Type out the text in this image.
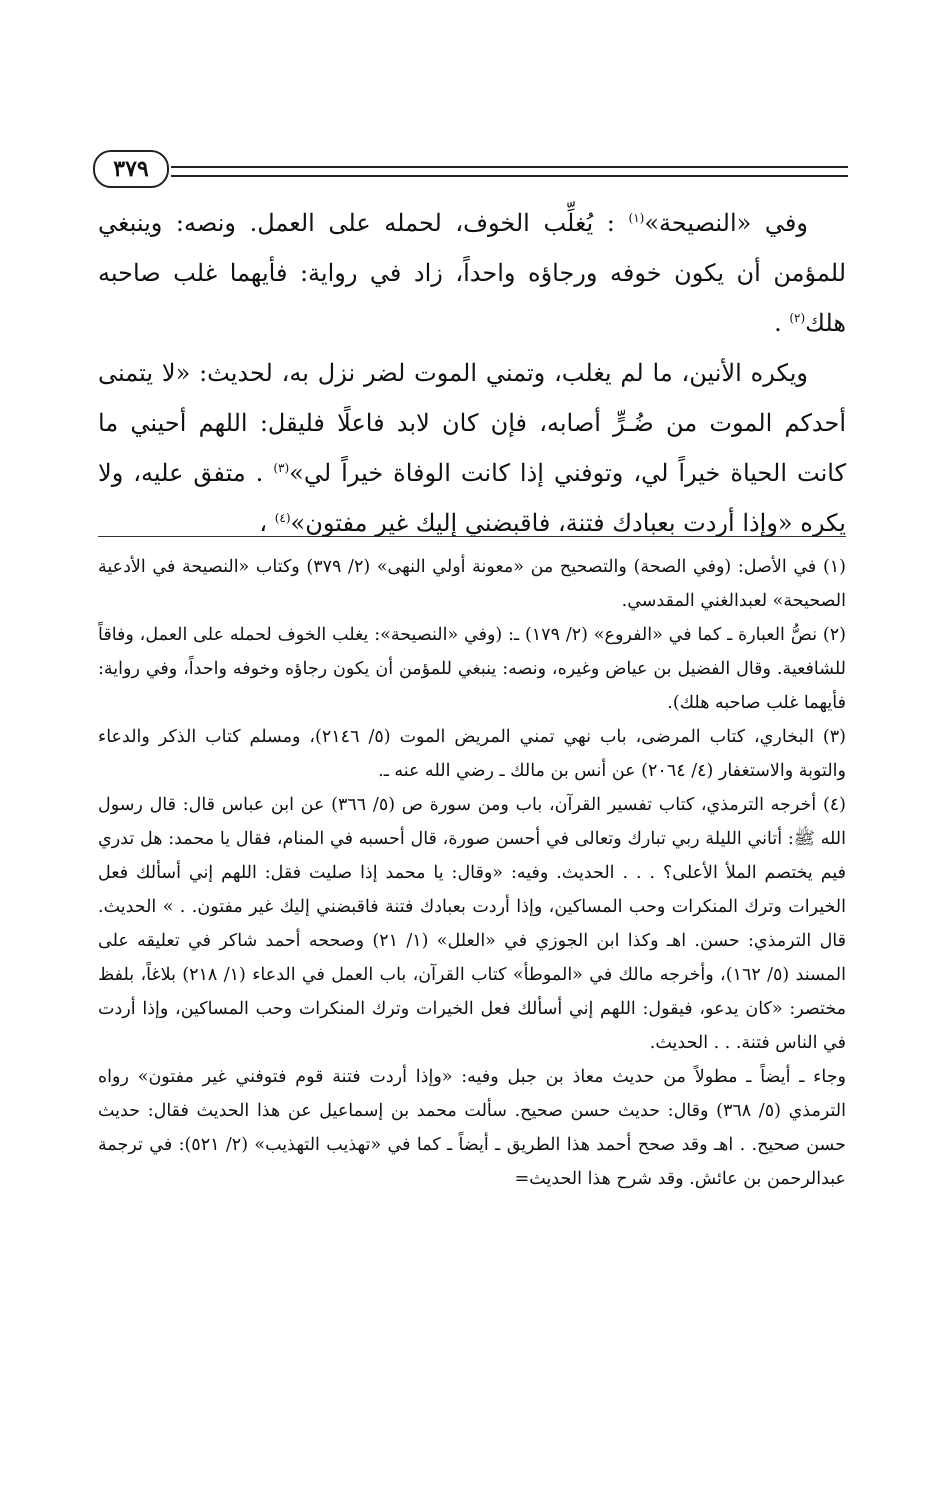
٣٧٩

وفي «النصيحة»$^{(١)}$ : يُغلِّب الخوف، لحمله على العمل. ونصه: وينبغي للمؤمن أن يكون خوفه ورجاؤه واحداً، زاد في رواية: فأيهما غلب صاحبه هلك$^{(٢)}$ .

ويكره الأنين، ما لم يغلب، وتمني الموت لضر نزل به، لحديث: «لا يتمنى أحدكم الموت من ضُـرٍّ أصابه، فإن كان لابد فاعلًا فليقل: اللهم أحيني ما كانت الحياة خيراً لي، وتوفني إذا كانت الوفاة خيراً لي»$^{(٣)}$ . متفق عليه، ولا يكره «وإذا أردت بعبادك فتنة، فاقبضني إليك غير مفتون»$^{(٤)}$ ،

(١) في الأصل: (وفي الصحة) والتصحيح من «معونة أولي النهى» (٢/ ٣٧٩) وكتاب «النصيحة في الأدعية الصحيحة» لعبدالغني المقدسي.

(٢) نصُّ العبارة ـ كما في «الفروع» (٢/ ١٧٩) ـ: (وفي «النصيحة»: يغلب الخوف لحمله على العمل، وفاقاً للشافعية. وقال الفضيل بن عياض وغيره، ونصه: ينبغي للمؤمن أن يكون رجاؤه وخوفه واحداً، وفي رواية: فأيهما غلب صاحبه هلك).

(٣) البخاري، كتاب المرضى، باب نهي تمني المريض الموت (٥/ ٢١٤٦)، ومسلم كتاب الذكر والدعاء والتوبة والاستغفار (٤/ ٢٠٦٤) عن أنس بن مالك ـ رضي الله عنه ـ.

(٤) أخرجه الترمذي، كتاب تفسير القرآن، باب ومن سورة ص (٥/ ٣٦٦) عن ابن عباس قال: قال رسول الله ﷺ: أتاني الليلة ربي تبارك وتعالى في أحسن صورة، قال أحسبه في المنام، فقال يا محمد: هل تدري فيم يختصم الملأ الأعلى؟ . . . الحديث. وفيه: «وقال: يا محمد إذا صليت فقل: اللهم إني أسألك فعل الخيرات وترك المنكرات وحب المساكين، وإذا أردت بعبادك فتنة فاقبضني إليك غير مفتون. . » الحديث. قال الترمذي: حسن. اهـ وكذا ابن الجوزي في «العلل» (١/ ٢١) وصححه أحمد شاكر في تعليقه على المسند (٥/ ١٦٢)، وأخرجه مالك في «الموطأ» كتاب القرآن، باب العمل في الدعاء (١/ ٢١٨) بلاغاً، بلفظ مختصر: «كان يدعو، فيقول: اللهم إني أسألك فعل الخيرات وترك المنكرات وحب المساكين، وإذا أردت في الناس فتنة. . . الحديث.

وجاء ـ أيضاً ـ مطولاً من حديث معاذ بن جبل وفيه: «وإذا أردت فتنة قوم فتوفني غير مفتون» رواه الترمذي (٥/ ٣٦٨) وقال: حديث حسن صحيح. سألت محمد بن إسماعيل عن هذا الحديث فقال: حديث حسن صحيح. . اهـ وقد صحح أحمد هذا الطريق ـ أيضاً ـ كما في «تهذيب التهذيب» (٢/ ٥٢١): في ترجمة عبدالرحمن بن عائش. وقد شرح هذا الحديث=
